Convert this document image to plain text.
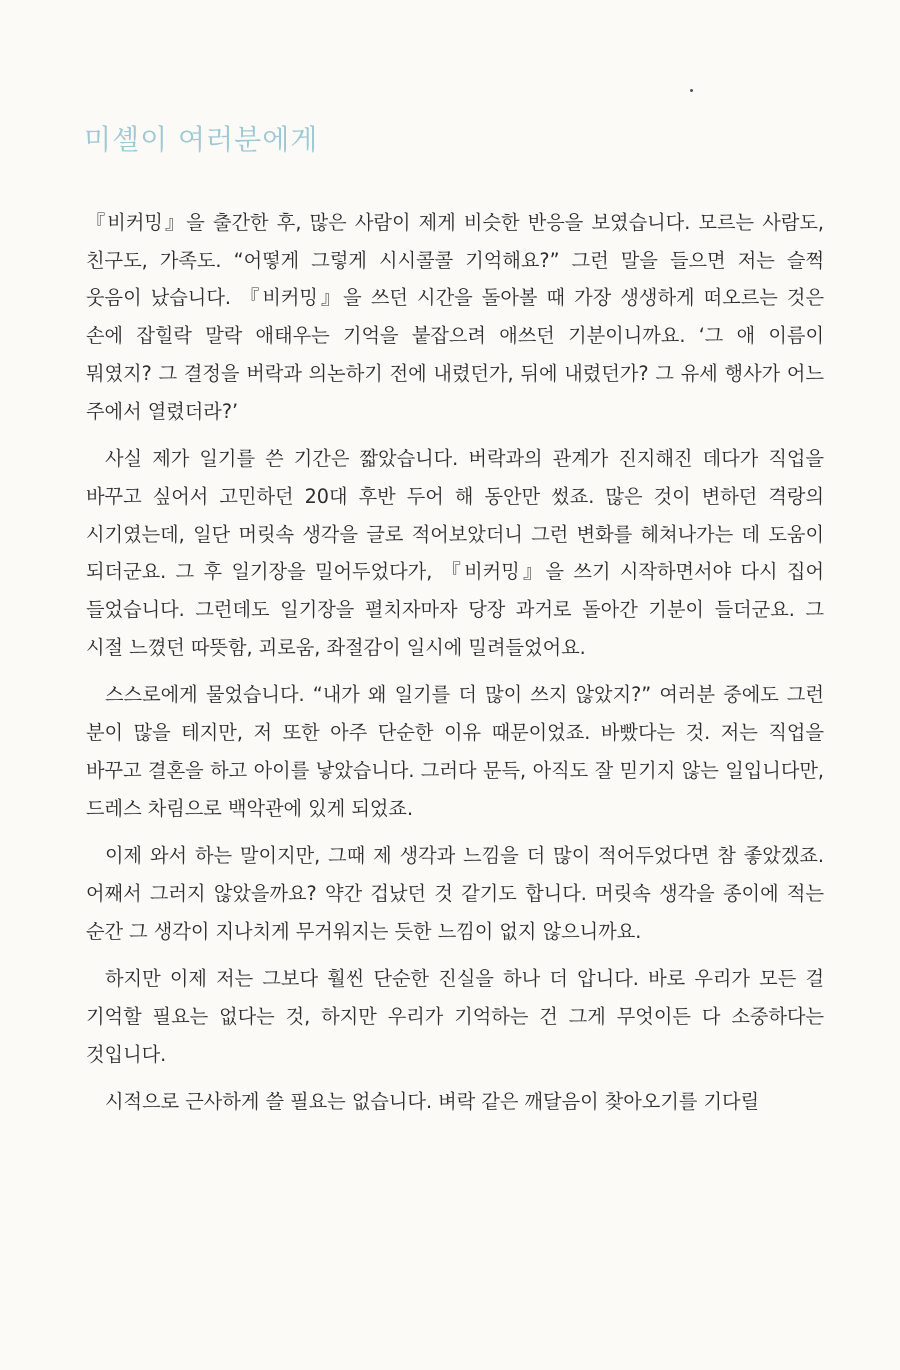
미셸이 여러분에게

『비커밍』을 출간한 후, 많은 사람이 제게 비슷한 반응을 보였습니다. 모르는 사람도, 친구도, 가족도. “어떻게 그렇게 시시콜콜 기억해요?” 그런 말을 들으면 저는 슬쩍 웃음이 났습니다. 『비커밍』을 쓰던 시간을 돌아볼 때 가장 생생하게 떠오르는 것은 손에 잡힐락 말락 애태우는 기억을 붙잡으려 애쓰던 기분이니까요. ‘그 애 이름이 뭐였지? 그 결정을 버락과 의논하기 전에 내렸던가, 뒤에 내렸던가? 그 유세 행사가 어느 주에서 열렸더라?’

사실 제가 일기를 쓴 기간은 짧았습니다. 버락과의 관계가 진지해진 데다가 직업을 바꾸고 싶어서 고민하던 20대 후반 두어 해 동안만 썼죠. 많은 것이 변하던 격랑의 시기였는데, 일단 머릿속 생각을 글로 적어보았더니 그런 변화를 헤쳐나가는 데 도움이 되더군요. 그 후 일기장을 밀어두었다가, 『비커밍』을 쓰기 시작하면서야 다시 집어 들었습니다. 그런데도 일기장을 펼치자마자 당장 과거로 돌아간 기분이 들더군요. 그 시절 느꼈던 따뜻함, 괴로움, 좌절감이 일시에 밀려들었어요.

스스로에게 물었습니다. “내가 왜 일기를 더 많이 쓰지 않았지?” 여러분 중에도 그런 분이 많을 테지만, 저 또한 아주 단순한 이유 때문이었죠. 바빴다는 것. 저는 직업을 바꾸고 결혼을 하고 아이를 낳았습니다. 그러다 문득, 아직도 잘 믿기지 않는 일입니다만, 드레스 차림으로 백악관에 있게 되었죠.

이제 와서 하는 말이지만, 그때 제 생각과 느낌을 더 많이 적어두었다면 참 좋았겠죠. 어째서 그러지 않았을까요? 약간 겁났던 것 같기도 합니다. 머릿속 생각을 종이에 적는 순간 그 생각이 지나치게 무거워지는 듯한 느낌이 없지 않으니까요.

하지만 이제 저는 그보다 훨씬 단순한 진실을 하나 더 압니다. 바로 우리가 모든 걸 기억할 필요는 없다는 것, 하지만 우리가 기억하는 건 그게 무엇이든 다 소중하다는 것입니다.

시적으로 근사하게 쓸 필요는 없습니다. 벼락 같은 깨달음이 찾아오기를 기다릴
